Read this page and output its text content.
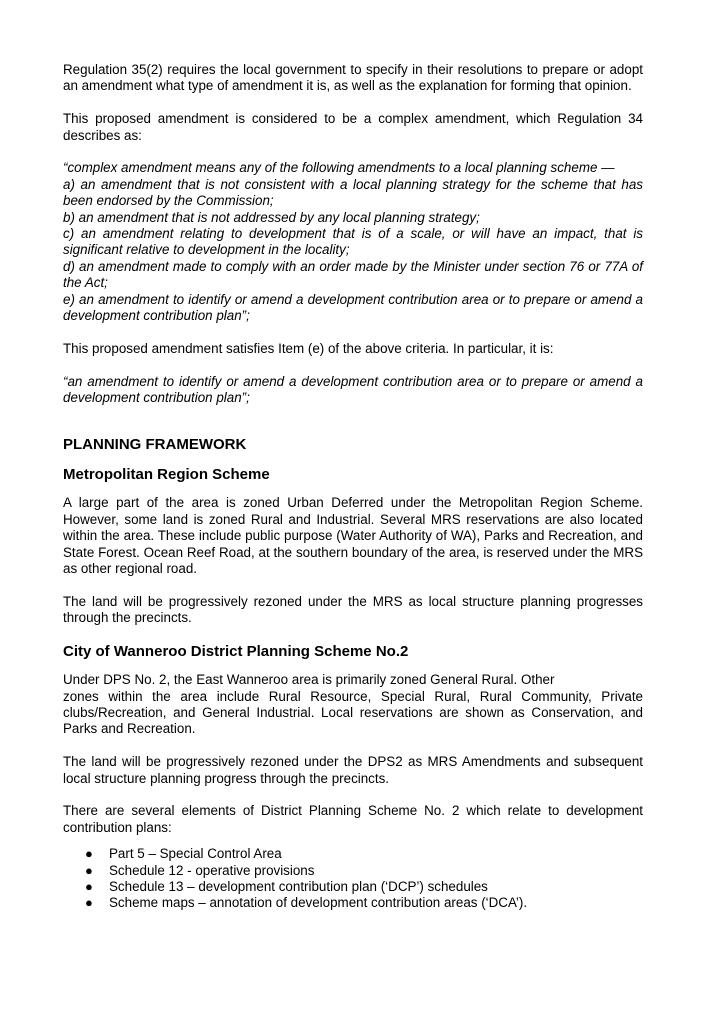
Regulation 35(2) requires the local government to specify in their resolutions to prepare or adopt an amendment what type of amendment it is, as well as the explanation for forming that opinion.

This proposed amendment is considered to be a complex amendment, which Regulation 34 describes as:

“complex amendment means any of the following amendments to a local planning scheme —
a) an amendment that is not consistent with a local planning strategy for the scheme that has been endorsed by the Commission;
b) an amendment that is not addressed by any local planning strategy;
c) an amendment relating to development that is of a scale, or will have an impact, that is significant relative to development in the locality;
d) an amendment made to comply with an order made by the Minister under section 76 or 77A of the Act;
e) an amendment to identify or amend a development contribution area or to prepare or amend a development contribution plan”;

This proposed amendment satisfies Item (e) of the above criteria. In particular, it is:

“an amendment to identify or amend a development contribution area or to prepare or amend a development contribution plan”;

PLANNING FRAMEWORK
Metropolitan Region Scheme

A large part of the area is zoned Urban Deferred under the Metropolitan Region Scheme. However, some land is zoned Rural and Industrial. Several MRS reservations are also located within the area. These include public purpose (Water Authority of WA), Parks and Recreation, and State Forest. Ocean Reef Road, at the southern boundary of the area, is reserved under the MRS as other regional road.

The land will be progressively rezoned under the MRS as local structure planning progresses through the precincts.

City of Wanneroo District Planning Scheme No.2

Under DPS No. 2, the East Wanneroo area is primarily zoned General Rural. Other
zones within the area include Rural Resource, Special Rural, Rural Community, Private clubs/Recreation, and General Industrial. Local reservations are shown as Conservation, and Parks and Recreation.

The land will be progressively rezoned under the DPS2 as MRS Amendments and subsequent local structure planning progress through the precincts.

There are several elements of District Planning Scheme No. 2 which relate to development contribution plans:

● Part 5 – Special Control Area
● Schedule 12 - operative provisions
● Schedule 13 – development contribution plan (‘DCP’) schedules
● Scheme maps – annotation of development contribution areas (‘DCA’).
